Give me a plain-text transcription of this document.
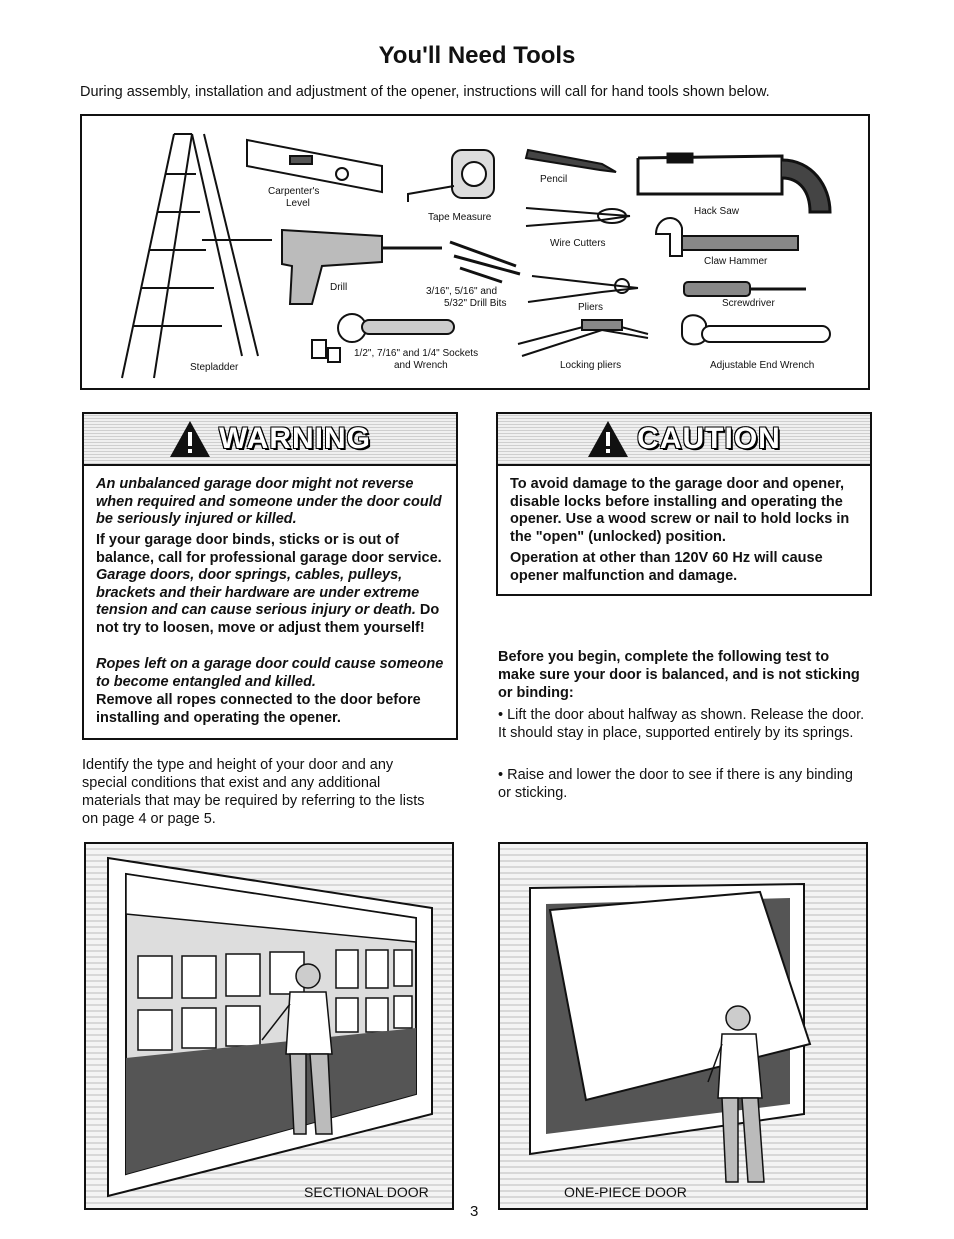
You'll Need Tools
During assembly, installation and adjustment of the opener, instructions will call for hand tools shown below.
Stepladder
Carpenter's
Level
Tape Measure
Pencil
Hack Saw
Wire Cutters
Claw Hammer
Drill	3/16", 5/16" and
5/32" Drill Bits	Pliers	Screwdriver
1/2", 7/16" and 1/4" Sockets
and Wrench	Locking pliers	Adjustable End Wrench
WARNING
An unbalanced garage door might not reverse when required and someone under the door could be seriously injured or killed.
If your garage door binds, sticks or is out of balance, call for professional garage door service. Garage doors, door springs, cables, pulleys, brackets and their hardware are under extreme tension and can cause serious injury or death. Do not try to loosen, move or adjust them yourself!
Ropes left on a garage door could cause someone to become entangled and killed.
Remove all ropes connected to the door before installing and operating the opener.
CAUTION
To avoid damage to the garage door and opener, disable locks before installing and operating the opener. Use a wood screw or nail to hold locks in the "open" (unlocked) position.
Operation at other than 120V 60 Hz will cause opener malfunction and damage.
Identify the type and height of your door and any special conditions that exist and any additional materials that may be required by referring to the lists on page 4 or page 5.
Before you begin, complete the following test to make sure your door is balanced, and is not sticking or binding:
• Lift the door about halfway as shown. Release the door. It should stay in place, supported entirely by its springs.
• Raise and lower the door to see if there is any binding or sticking.
SECTIONAL DOOR	ONE-PIECE DOOR
3
